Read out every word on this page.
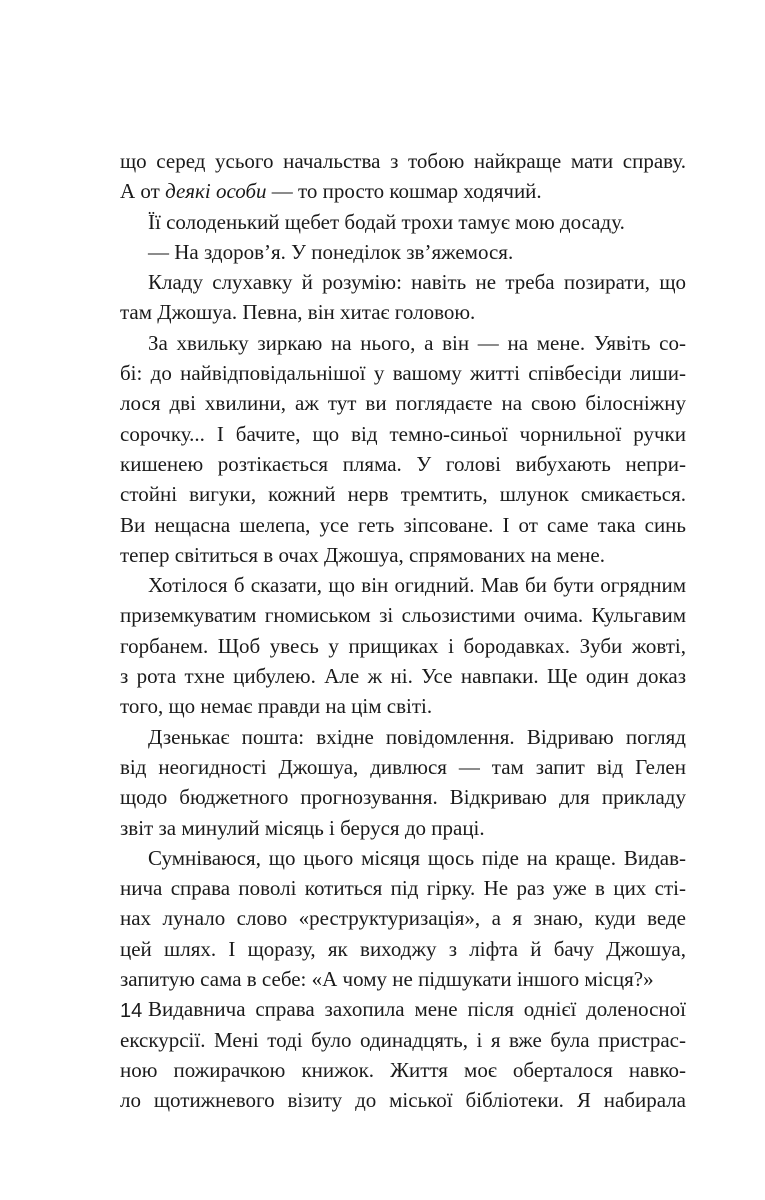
що серед усього начальства з тобою найкраще мати справу.
А от деякі особи — то просто кошмар ходячий.
Її солоденький щебет бодай трохи тамує мою досаду.
— На здоров’я. У понеділок зв’яжемося.
Кладу слухавку й розумію: навіть не треба позирати, що
там Джошуа. Певна, він хитає головою.
За хвильку зиркаю на нього, а він — на мене. Уявіть со-
бі: до найвідповідальнішої у вашому житті співбесіди лиши-
лося дві хвилини, аж тут ви поглядаєте на свою білосніжну
сорочку... І бачите, що від темно-синьої чорнильної ручки
кишенею розтікається пляма. У голові вибухають непри-
стойні вигуки, кожний нерв тремтить, шлунок смикається.
Ви нещасна шелепа, усе геть зіпсоване. І от саме така синь
тепер світиться в очах Джошуа, спрямованих на мене.
Хотілося б сказати, що він огидний. Мав би бути огрядним
приземкуватим гномиськом зі сльозистими очима. Кульгавим
горбанем. Щоб увесь у прищиках і бородавках. Зуби жовті,
з рота тхне цибулею. Але ж ні. Усе навпаки. Ще один доказ
того, що немає правди на цім світі.
Дзенькає пошта: вхідне повідомлення. Відриваю погляд
від неогидності Джошуа, дивлюся — там запит від Гелен
щодо бюджетного прогнозування. Відкриваю для прикладу
звіт за минулий місяць і беруся до праці.
Сумніваюся, що цього місяця щось піде на краще. Видав-
нича справа поволі котиться під гірку. Не раз уже в цих сті-
нах лунало слово «реструктуризація», а я знаю, куди веде
цей шлях. І щоразу, як виходжу з ліфта й бачу Джошуа,
запитую сама в себе: «А чому не підшукати іншого місця?»
Видавнича справа захопила мене після однієї доленосної
екскурсії. Мені тоді було одинадцять, і я вже була пристрас-
ною пожирачкою книжок. Життя моє оберталося навко-
ло щотижневого візиту до міської бібліотеки. Я набирала
14
